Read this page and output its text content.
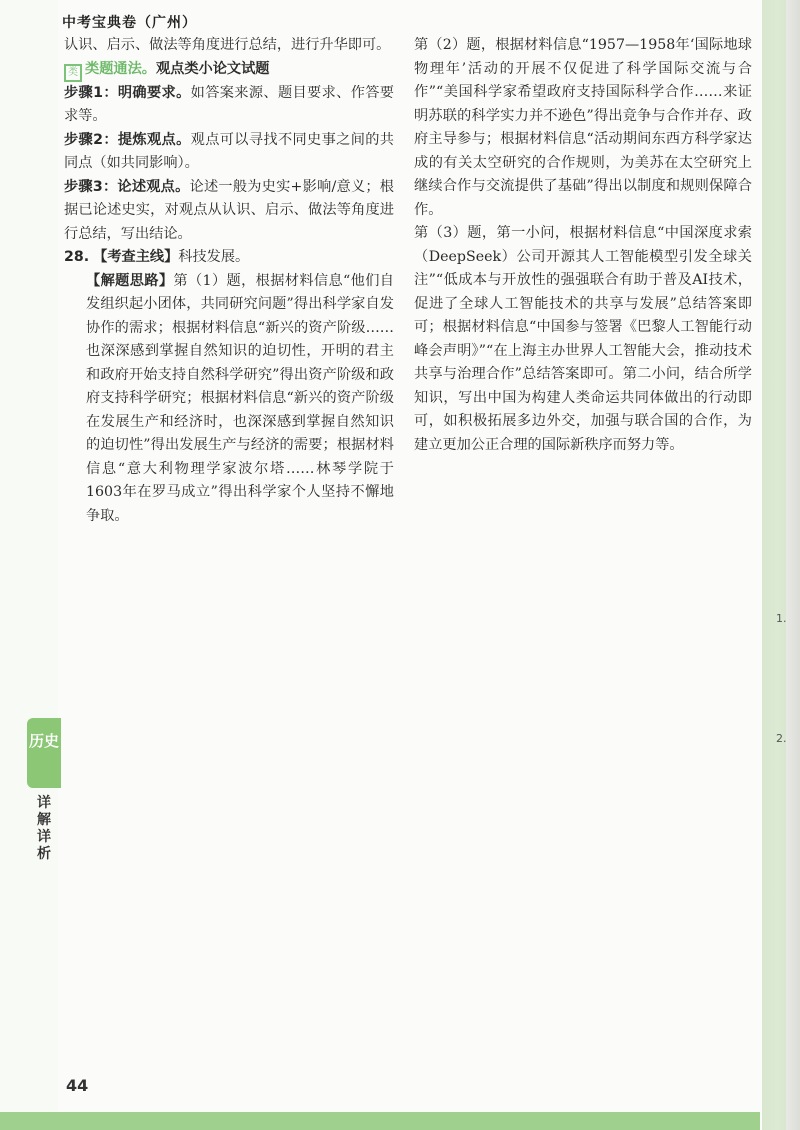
中考宝典卷（广州）

认识、启示、做法等角度进行总结，进行升华即可。

类 类题通法。观点类小论文试题

步骤1：明确要求。如答案来源、题目要求、作答要求等。

步骤2：提炼观点。观点可以寻找不同史事之间的共同点（如共同影响）。

步骤3：论述观点。论述一般为史实+影响/意义；根据已论述史实，对观点从认识、启示、做法等角度进行总结，写出结论。

28. 【考查主线】科技发展。

【解题思路】第（1）题，根据材料信息“他们自发组织起小团体，共同研究问题”得出科学家自发协作的需求；根据材料信息“新兴的资产阶级……也深深感到掌握自然知识的迫切性，开明的君主和政府开始支持自然科学研究”得出资产阶级和政府支持科学研究；根据材料信息“新兴的资产阶级在发展生产和经济时，也深深感到掌握自然知识的迫切性”得出发展生产与经济的需要；根据材料信息“意大利物理学家波尔塔……林琴学院于1603年在罗马成立”得出科学家个人坚持不懈地争取。

第（2）题，根据材料信息“1957—1958年‘国际地球物理年’活动的开展不仅促进了科学国际交流与合作”“美国科学家希望政府支持国际科学合作……来证明苏联的科学实力并不逊色”得出竞争与合作并存、政府主导参与；根据材料信息“活动期间东西方科学家达成的有关太空研究的合作规则，为美苏在太空研究上继续合作与交流提供了基础”得出以制度和规则保障合作。

第（3）题，第一小问，根据材料信息“中国深度求索（DeepSeek）公司开源其人工智能模型引发全球关注”“低成本与开放性的强强联合有助于普及AI技术，促进了全球人工智能技术的共享与发展”总结答案即可；根据材料信息“中国参与签署《巴黎人工智能行动峰会声明》”“在上海主办世界人工智能大会，推动技术共享与治理合作”总结答案即可。第二小问，结合所学知识，写出中国为构建人类命运共同体做出的行动即可，如积极拓展多边外交，加强与联合国的合作，为建立更加公正合理的国际新秩序而努力等。

历史
详解详析
44
1.
2.
